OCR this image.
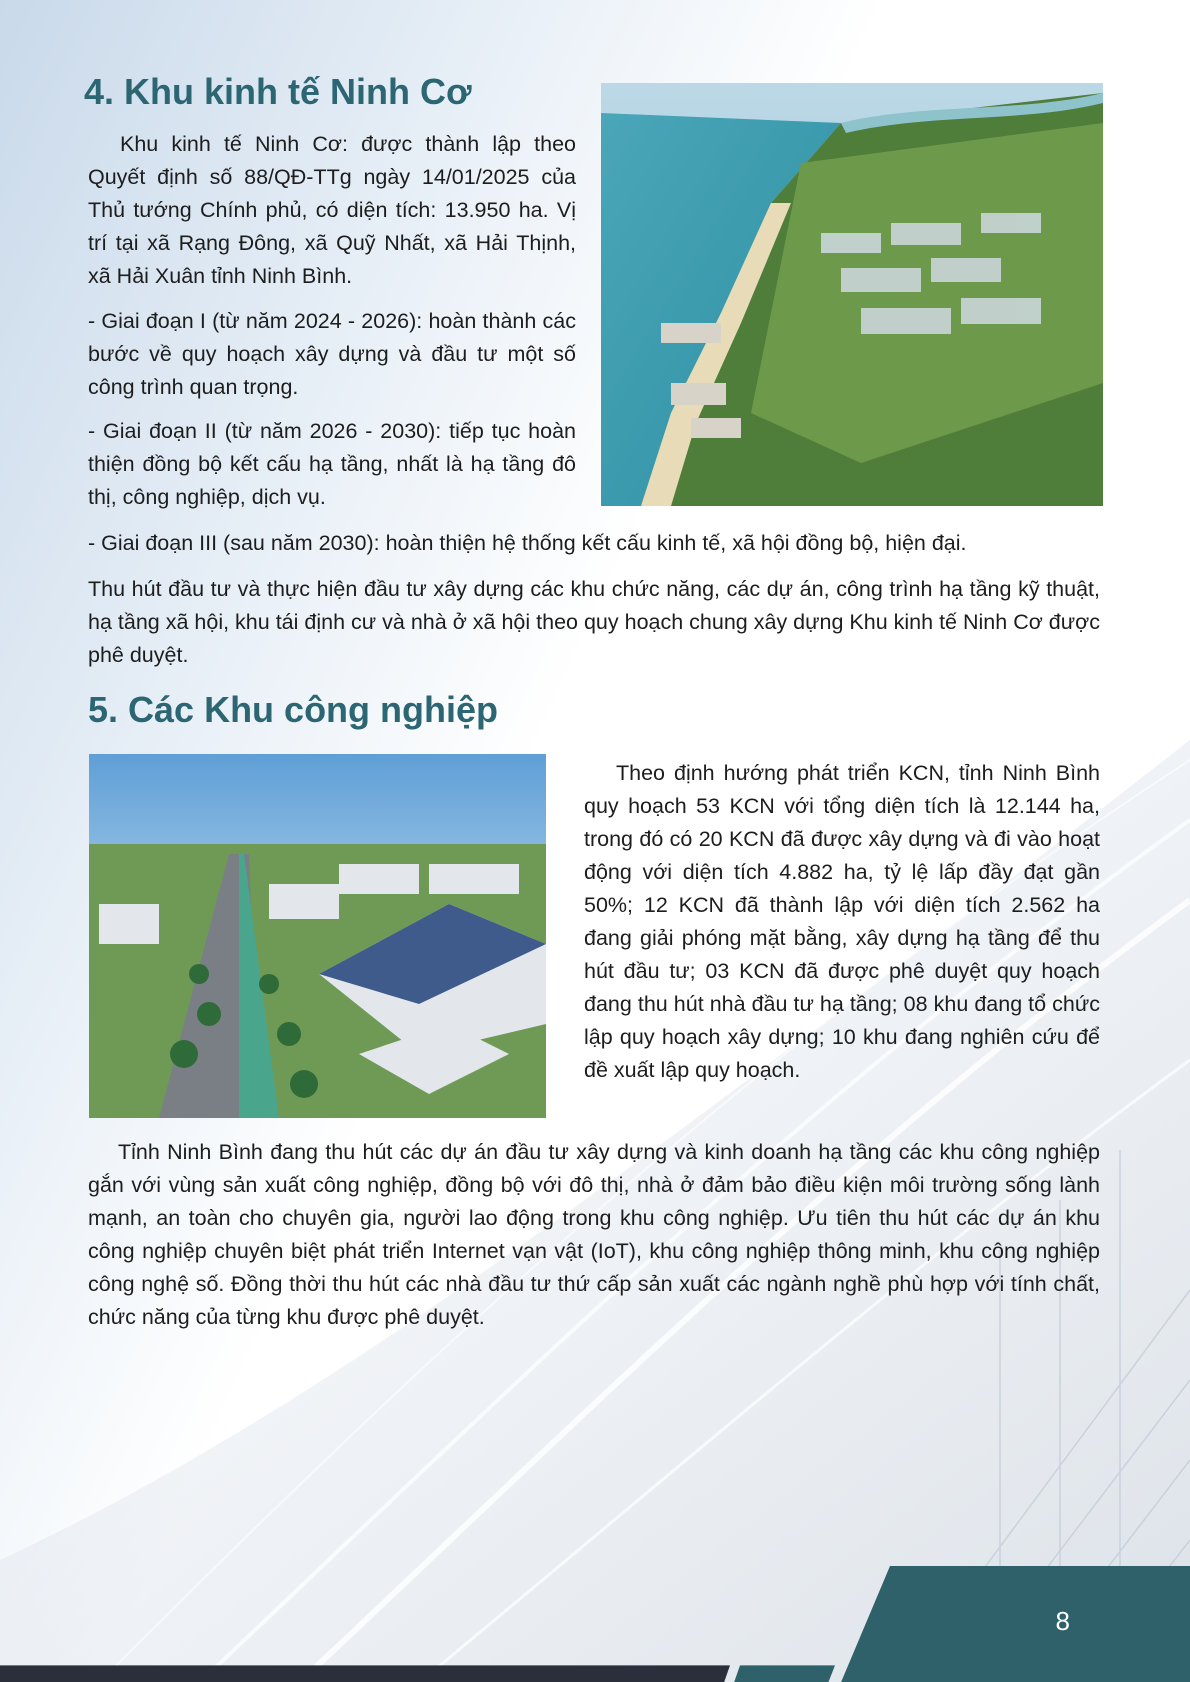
4. Khu kinh tế Ninh Cơ

Khu kinh tế Ninh Cơ: được thành lập theo Quyết định số 88/QĐ-TTg ngày 14/01/2025 của Thủ tướng Chính phủ, có diện tích: 13.950 ha. Vị trí tại xã Rạng Đông, xã Quỹ Nhất, xã Hải Thịnh, xã Hải Xuân tỉnh Ninh Bình.

- Giai đoạn I (từ năm 2024 - 2026): hoàn thành các bước về quy hoạch xây dựng và đầu tư một số công trình quan trọng.

- Giai đoạn II (từ năm 2026 - 2030): tiếp tục hoàn thiện đồng bộ kết cấu hạ tầng, nhất là hạ tầng đô thị, công nghiệp, dịch vụ.

- Giai đoạn III (sau năm 2030): hoàn thiện hệ thống kết cấu kinh tế, xã hội đồng bộ, hiện đại.

Thu hút đầu tư và thực hiện đầu tư xây dựng các khu chức năng, các dự án, công trình hạ tầng kỹ thuật, hạ tầng xã hội, khu tái định cư và nhà ở xã hội theo quy hoạch chung xây dựng Khu kinh tế Ninh Cơ được phê duyệt.

5. Các Khu công nghiệp

Theo định hướng phát triển KCN, tỉnh Ninh Bình quy hoạch 53 KCN với tổng diện tích là 12.144 ha, trong đó có 20 KCN đã được xây dựng và đi vào hoạt động với diện tích 4.882 ha, tỷ lệ lấp đầy đạt gần 50%; 12 KCN đã thành lập với diện tích 2.562 ha đang giải phóng mặt bằng, xây dựng hạ tầng để thu hút đầu tư; 03 KCN đã được phê duyệt quy hoạch đang thu hút nhà đầu tư hạ tầng; 08 khu đang tổ chức lập quy hoạch xây dựng; 10 khu đang nghiên cứu để đề xuất lập quy hoạch.

Tỉnh Ninh Bình đang thu hút các dự án đầu tư xây dựng và kinh doanh hạ tầng các khu công nghiệp gắn với vùng sản xuất công nghiệp, đồng bộ với đô thị, nhà ở đảm bảo điều kiện môi trường sống lành mạnh, an toàn cho chuyên gia, người lao động trong khu công nghiệp. Ưu tiên thu hút các dự án khu công nghiệp chuyên biệt phát triển Internet vạn vật (IoT), khu công nghiệp thông minh, khu công nghiệp công nghệ số. Đồng thời thu hút các nhà đầu tư thứ cấp sản xuất các ngành nghề phù hợp với tính chất, chức năng của từng khu được phê duyệt.

8
